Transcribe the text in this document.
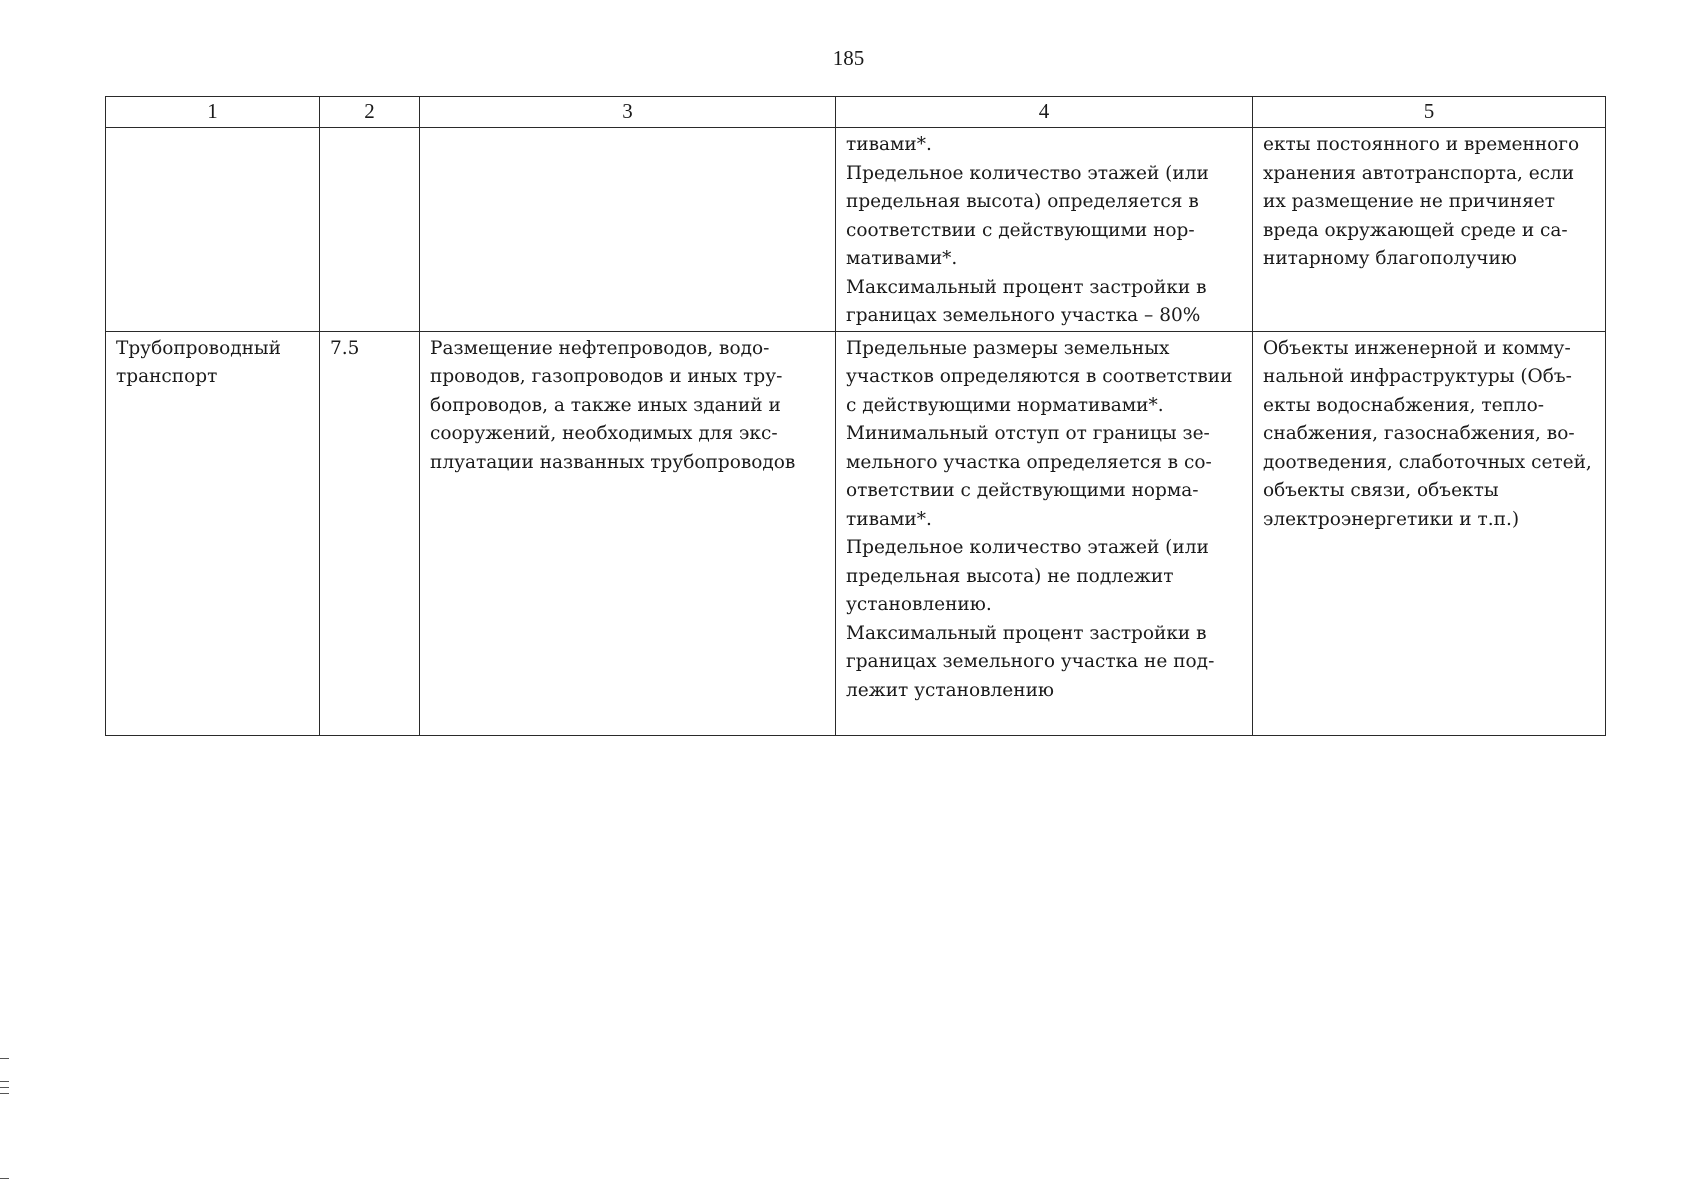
185
1	2	3	4	5
			тивами*.
Предельное количество этажей (или предельная высота) определяется в соответствии с действующими нормативами*.
Максимальный процент застройки в границах земельного участка – 80%	екты постоянного и временного хранения автотранспорта, если их размещение не причиняет вреда окружающей среде и санитарному благополучию
Трубопроводный транспорт	7.5	Размещение нефтепроводов, водопроводов, газопроводов и иных трубопроводов, а также иных зданий и сооружений, необходимых для эксплуатации названных трубопроводов	Предельные размеры земельных участков определяются в соответствии с действующими нормативами*.
Минимальный отступ от границы земельного участка определяется в соответствии с действующими нормативами*.
Предельное количество этажей (или предельная высота) не подлежит установлению.
Максимальный процент застройки в границах земельного участка не подлежит установлению	Объекты инженерной и коммунальной инфраструктуры (Объекты водоснабжения, теплоснабжения, газоснабжения, водоотведения, слаботочных сетей, объекты связи, объекты электроэнергетики и т.п.)
